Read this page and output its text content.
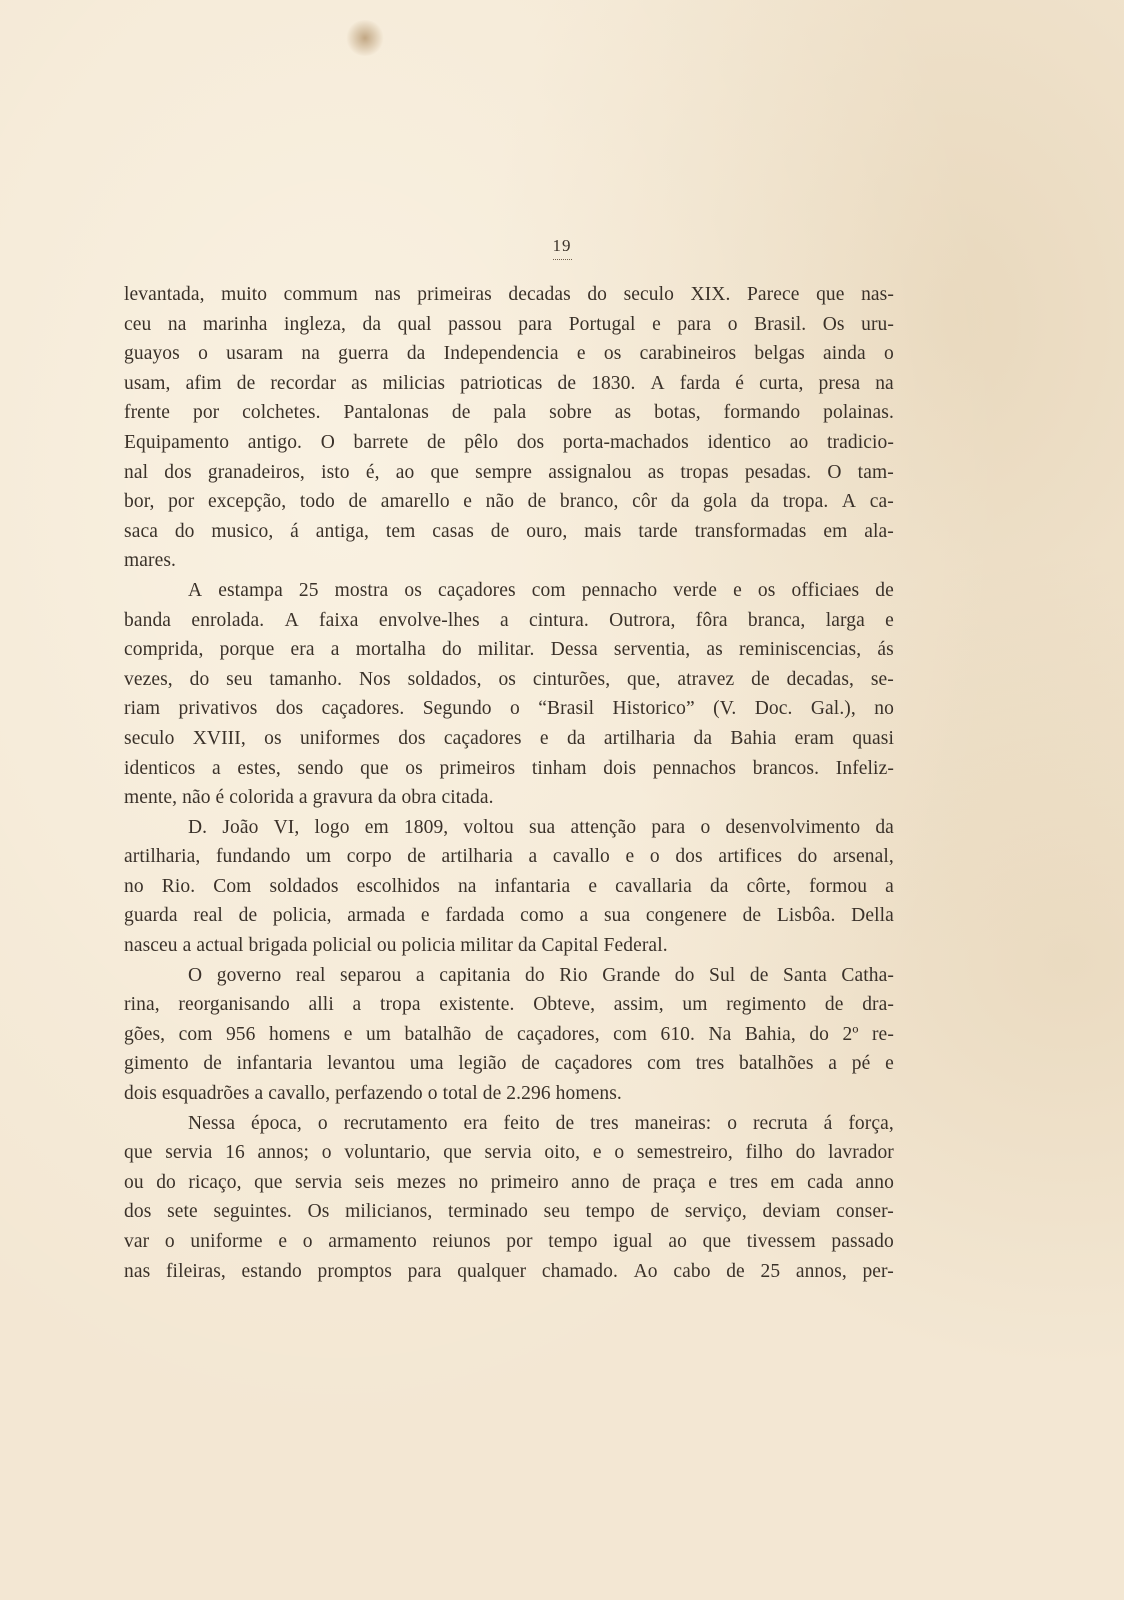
19
levantada, muito commum nas primeiras decadas do seculo XIX. Parece que nas-
ceu na marinha ingleza, da qual passou para Portugal e para o Brasil. Os uru-
guayos o usaram na guerra da Independencia e os carabineiros belgas ainda o
usam, afim de recordar as milicias patrioticas de 1830. A farda é curta, presa na
frente por colchetes. Pantalonas de pala sobre as botas, formando polainas.
Equipamento antigo. O barrete de pêlo dos porta-machados identico ao tradicio-
nal dos granadeiros, isto é, ao que sempre assignalou as tropas pesadas. O tam-
bor, por excepção, todo de amarello e não de branco, côr da gola da tropa. A ca-
saca do musico, á antiga, tem casas de ouro, mais tarde transformadas em ala-
mares.
A estampa 25 mostra os caçadores com pennacho verde e os officiaes de
banda enrolada. A faixa envolve-lhes a cintura. Outrora, fôra branca, larga e
comprida, porque era a mortalha do militar. Dessa serventia, as reminiscencias, ás
vezes, do seu tamanho. Nos soldados, os cinturões, que, atravez de decadas, se-
riam privativos dos caçadores. Segundo o “Brasil Historico” (V. Doc. Gal.), no
seculo XVIII, os uniformes dos caçadores e da artilharia da Bahia eram quasi
identicos a estes, sendo que os primeiros tinham dois pennachos brancos. Infeliz-
mente, não é colorida a gravura da obra citada.
D. João VI, logo em 1809, voltou sua attenção para o desenvolvimento da
artilharia, fundando um corpo de artilharia a cavallo e o dos artifices do arsenal,
no Rio. Com soldados escolhidos na infantaria e cavallaria da côrte, formou a
guarda real de policia, armada e fardada como a sua congenere de Lisbôa. Della
nasceu a actual brigada policial ou policia militar da Capital Federal.
O governo real separou a capitania do Rio Grande do Sul de Santa Catha-
rina, reorganisando alli a tropa existente. Obteve, assim, um regimento de dra-
gões, com 956 homens e um batalhão de caçadores, com 610. Na Bahia, do 2º re-
gimento de infantaria levantou uma legião de caçadores com tres batalhões a pé e
dois esquadrões a cavallo, perfazendo o total de 2.296 homens.
Nessa época, o recrutamento era feito de tres maneiras: o recruta á força,
que servia 16 annos; o voluntario, que servia oito, e o semestreiro, filho do lavrador
ou do ricaço, que servia seis mezes no primeiro anno de praça e tres em cada anno
dos sete seguintes. Os milicianos, terminado seu tempo de serviço, deviam conser-
var o uniforme e o armamento reiunos por tempo igual ao que tivessem passado
nas fileiras, estando promptos para qualquer chamado. Ao cabo de 25 annos, per-
